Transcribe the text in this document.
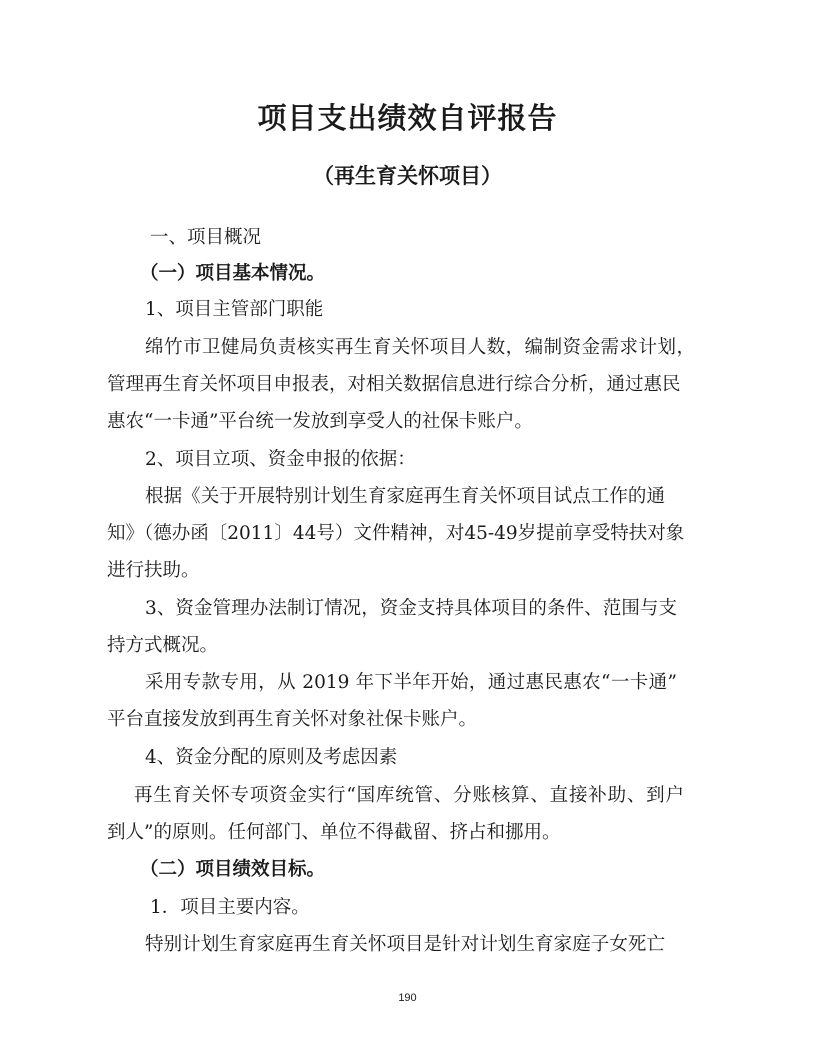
项目支出绩效自评报告
（再生育关怀项目）

一、项目概况

（一）项目基本情况。

1、项目主管部门职能

绵竹市卫健局负责核实再生育关怀项目人数，编制资金需求计划，

管理再生育关怀项目申报表，对相关数据信息进行综合分析，通过惠民

惠农“一卡通”平台统一发放到享受人的社保卡账户。

2、项目立项、资金申报的依据：

根据《关于开展特别计划生育家庭再生育关怀项目试点工作的通

知》（德办函〔2011〕44号）文件精神，对45-49岁提前享受特扶对象

进行扶助。

3、资金管理办法制订情况，资金支持具体项目的条件、范围与支

持方式概况。

采用专款专用，从 2019 年下半年开始，通过惠民惠农“一卡通”

平台直接发放到再生育关怀对象社保卡账户。

4、资金分配的原则及考虑因素

再生育关怀专项资金实行“国库统管、分账核算、直接补助、到户

到人”的原则。任何部门、单位不得截留、挤占和挪用。

（二）项目绩效目标。

1．项目主要内容。

特别计划生育家庭再生育关怀项目是针对计划生育家庭子女死亡

190
